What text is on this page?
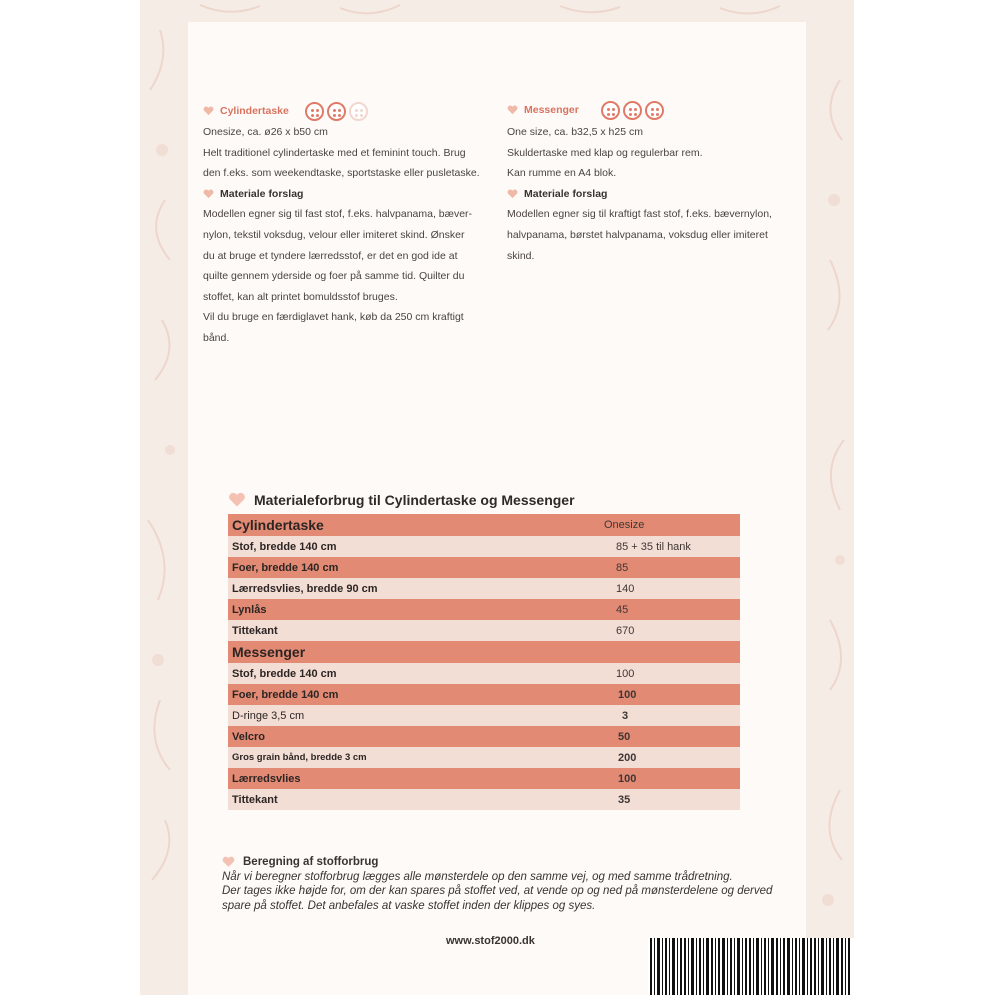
Cylindertaske

Onesize, ca. ø26 x b50 cm

Helt traditionel cylindertaske med et feminint touch. Brug

den f.eks. som weekendtaske, sportstaske eller pusletaske.

Materiale forslag

Modellen egner sig til fast stof, f.eks. halvpanama, bæver-

nylon, tekstil voksdug, velour eller imiteret skind. Ønsker

du at bruge et tyndere lærredsstof, er det en god ide at

quilte gennem yderside og foer på samme tid. Quilter du

stoffet, kan alt printet bomuldsstof bruges.

Vil du bruge en færdiglavet hank, køb da 250 cm kraftigt

bånd.

Messenger

One size, ca. b32,5 x h25 cm

Skuldertaske med klap og regulerbar rem.

Kan rumme en A4 blok.

Materiale forslag

Modellen egner sig til kraftigt fast stof, f.eks. bævernylon,

halvpanama, børstet halvpanama, voksdug eller imiteret

skind.

Materialeforbrug til Cylindertaske og Messenger
Cylindertaske	Onesize
Stof, bredde 140 cm	85 + 35 til hank
Foer, bredde 140 cm	85
Lærredsvlies, bredde 90 cm	140
Lynlås	45
Tittekant	670
Messenger
Stof, bredde 140 cm	100
Foer, bredde 140 cm	100
D-ringe 3,5 cm	3
Velcro	50
Gros grain bånd, bredde 3 cm	200
Lærredsvlies	100
Tittekant	35
Beregning af stofforbrug
Når vi beregner stofforbrug lægges alle mønsterdele op den samme vej, og med samme trådretning.
Der tages ikke højde for, om der kan spares på stoffet ved, at vende op og ned på mønsterdelene og derved
spare på stoffet. Det anbefales at vaske stoffet inden der klippes og syes.
www.stof2000.dk
